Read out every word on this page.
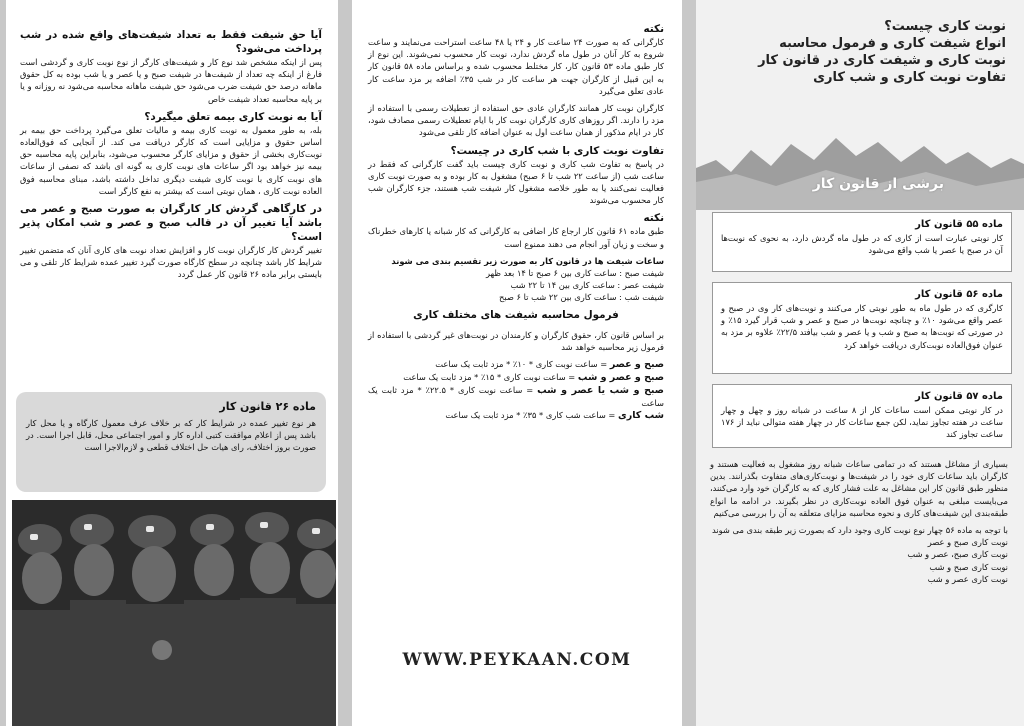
نوبت کاری چیست؟

انواع شیفت کاری و فرمول محاسبه

نوبت کاری و شیفت کاری در قانون کار

تفاوت نوبت کاری و شب کاری

برشی از قانون کار

ماده ۵۵ قانون کار

کار نوبتی عبارت است از کاری که در طول ماه گردش دارد، به نحوی که نوبت‌ها آن در صبح یا عصر یا شب واقع می‌شود

ماده ۵۶ قانون کار

کارگری که در طول ماه به طور نوبتی کار می‌کنند و نوبت‌های کار وی در صبح و عصر واقع می‌شود ۱۰٪ و چنانچه نوبت‌ها در صبح و عصر و شب قرار گیرد ۱۵٪ و در صورتی که نوبت‌ها به صبح و شب و یا عصر و شب بیافتد ۲۲/۵٪ علاوه بر مزد به عنوان فوق‌العاده نوبت‌کاری دریافت خواهد کرد

ماده ۵۷ قانون کار

در کار نوبتی ممکن است ساعات کار از ۸ ساعت در شبانه روز و چهل و چهار ساعت در هفته تجاوز نماید، لکن جمع ساعات کار در چهار هفته متوالی نباید از ۱۷۶ ساعت تجاوز کند

بسیاری از مشاغل هستند که در تمامی ساعات شبانه روز مشغول به فعالیت هستند و کارگران باید ساعات کاری خود را در شیفت‌ها و نوبت‌کاری‌های متفاوت بگذرانند. بدین منظور طبق قانون کار این مشاغل به علت فشار کاری که به کارگران خود وارد می‌کنند، می‌بایست مبلغی به عنوان فوق العاده نوبت‌کاری در نظر بگیرند. در ادامه ما انواع طبقه‌بندی این شیفت‌های کاری و نحوه محاسبه مزایای متعلقه به آن را بررسی می‌کنیم

با توجه به ماده ۵۶ چهار نوع نوبت کاری وجود دارد که بصورت زیر طبقه بندی می شوند

نوبت کاری صبح و عصر

نوبت کاری صبح، عصر و شب

نوبت کاری صبح و شب

نوبت کاری عصر و شب

نکته

کارگرانی که به صورت ۲۴ ساعت کار و ۲۴ یا ۴۸ ساعت استراحت می‌نمایند و ساعت شروع به کار آنان در طول ماه گردش ندارد، نوبت کار محسوب نمی‌شوند. این نوع از کار طبق ماده ۵۳ قانون کار، کار مختلط محسوب شده و براساس ماده ۵۸ قانون کار به این قبیل از کارگران جهت هر ساعت کار در شب ۳۵٪ اضافه بر مزد ساعت کار عادی تعلق می‌گیرد

کارگران نوبت کار همانند کارگران عادی حق استفاده از تعطیلات رسمی با استفاده از مزد را دارند. اگر روزهای کاری کارگران نوبت کار با ایام تعطیلات رسمی مصادف شود، کار در ایام مذکور از همان ساعت اول به عنوان اضافه کار تلقی می‌شود

تفاوت نوبت کاری با شب کاری در چیست؟

در پاسخ به تفاوت شب کاری و نوبت کاری چیست باید گفت کارگرانی که فقط در ساعت شب (از ساعت ۲۲ شب تا ۶ صبح) مشغول به کار بوده و به صورت نوبت کاری فعالیت نمی‌کنند یا به طور خلاصه مشغول کار شیفت شب هستند، جزء کارگران شب کار محسوب می‌شوند

نکته

طبق ماده ۶۱ قانون کار ارجاع کار اضافی به کارگرانی که کار شبانه یا کارهای خطرناک و سخت و زیان آور انجام می دهند ممنوع است

ساعات شیفت ها در قانون کار به صورت زیر تقسیم بندی می شوند

شیفت صبح : ساعت کاری بین ۶ صبح تا ۱۴ بعد ظهر

شیفت عصر : ساعت کاری بین ۱۴ تا ۲۲ شب

شیفت شب : ساعت کاری بین ۲۲ شب تا ۶ صبح

فرمول محاسبه شیفت های مختلف کاری

بر اساس قانون کار، حقوق کارگران و کارمندان در نوبت‌های غیر گردشی با استفاده از فرمول زیر محاسبه خواهد شد

صبح و عصر = ساعت نوبت کاری * ۱۰٪ * مزد ثابت یک ساعت

صبح و عصر و شب = ساعت نوبت کاری * ۱۵٪ * مزد ثابت یک ساعت

صبح و شب یا عصر و شب = ساعت نوبت کاری * ۲۲.۵٪ * مزد ثابت یک ساعت

شب کاری = ساعت شب کاری * ۳۵٪ * مزد ثابت یک ساعت

WWW.PEYKAAN.COM

آیا حق شیفت فقط به تعداد شیفت‌های واقع شده در شب پرداخت می‌شود؟

پس از اینکه مشخص شد نوع کار و شیفت‌های کارگر از نوع نوبت کاری و گردشی است فارغ از اینکه چه تعداد از شیفت‌ها در شیفت صبح و یا عصر و یا شب بوده به کل حقوق ماهانه درصد حق شیفت ضرب می‌شود حق شیفت ماهانه محاسبه می‌شود نه روزانه و یا بر پایه محاسبه تعداد شیفت خاص

آیا به نوبت کاری بیمه تعلق میگیرد؟

بله، به طور معمول به نوبت کاری بیمه و مالیات تعلق می‌گیرد پرداخت حق بیمه بر اساس حقوق و مزایایی است که کارگر دریافت می کند. از آنجایی که فوق‌العاده نوبت‌کاری بخشی از حقوق و مزایای کارگر محسوب می‌شود، بنابراین پایه محاسبه حق بیمه نیز خواهد بود اگر ساعات های نوبت کاری به گونه ای باشد که نصفی از ساعات های نوبت کاری با نوبت کاری شیفت دیگری تداخل داشته باشد، مبنای محاسبه فوق العاده نوبت کاری ، همان نوبتی است که بیشتر به نفع کارگر است

در کارگاهی گردش کار کارگران به صورت صبح و عصر می باشد آیا تغییر آن در قالب صبح و عصر و شب امکان پذیر است؟

تغییر گردش کار کارگران نوبت کار و افزایش تعداد نوبت های کاری آنان که متضمن تغییر شرایط کار باشد چنانچه در سطح کارگاه صورت گیرد تغییر عمده شرایط کار تلقی و می بایستی برابر ماده ۲۶ قانون کار عمل گردد

ماده ۲۶ قانون کار

هر نوع تغییر عمده در شرایط کار که بر خلاف عرف معمول کارگاه و یا محل کار باشد پس از اعلام موافقت کتبی اداره کار و امور اجتماعی محل، قابل اجرا است. در صورت بروز اختلاف، رای هیات حل اختلاف قطعی و لازم‌الاجرا است
